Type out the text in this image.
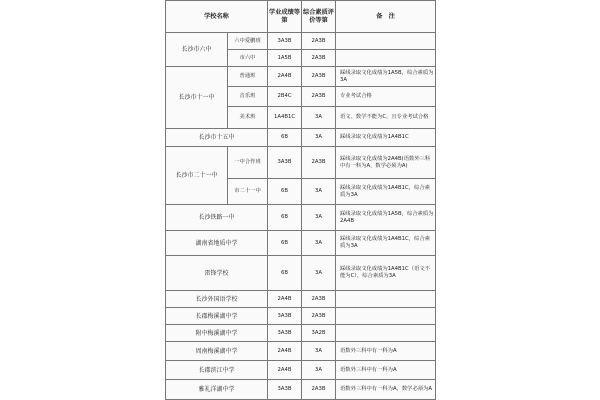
学校名称		学业成绩等第	综合素质评价等第	备　注
长沙市六中	六中爱鹏班	3A3B	2A3B	
	市六中	1A5B	2A3B	
长沙市十一中	普通班	2A4B	2A3B	踩线录取文化成绩为1A5B，综合素质为3A
	音乐班	2B4C	2A3B	专业考试合格
	美术班	1A4B1C	3A	语文、数学不能为C，且专业考试合格
长沙市十五中		6B	3A	踩线录取文化成绩为1A4B1C
长沙市二十一中	一中合作班	3A3B	2A3B	踩线录取文化成绩为2A4B(语数外三科中有一科为A，数学必须为A)
	市二十一中	6B	3A	踩线录取文化成绩为1A4B1C，综合素质为3A
长沙铁路一中		6B	3A	踩线录取文化成绩为1A5B，综合素质为2A4B
湖南省地质中学		6B	3A	踩线录取文化成绩为1A4B1C，综合素质为3A
雷锋学校		6B	3A	踩线录取文化成绩为1A4B1C（语文不能为C），综合素质为3A
长沙外国语学校		2A4B	2A3B	
长郡梅溪湖中学		3A3B	2A3B	
附中梅溪湖中学		3A3B	3A2B	
周南梅溪湖中学		2A4B	3A	语数外三科中有一科为A
长郡滨江中学		2A4B	3A	语数外三科中有一科为A
雅礼洋湖中学		3A3B	2A3B	语数外三科中有一科为A，数学必须为A
